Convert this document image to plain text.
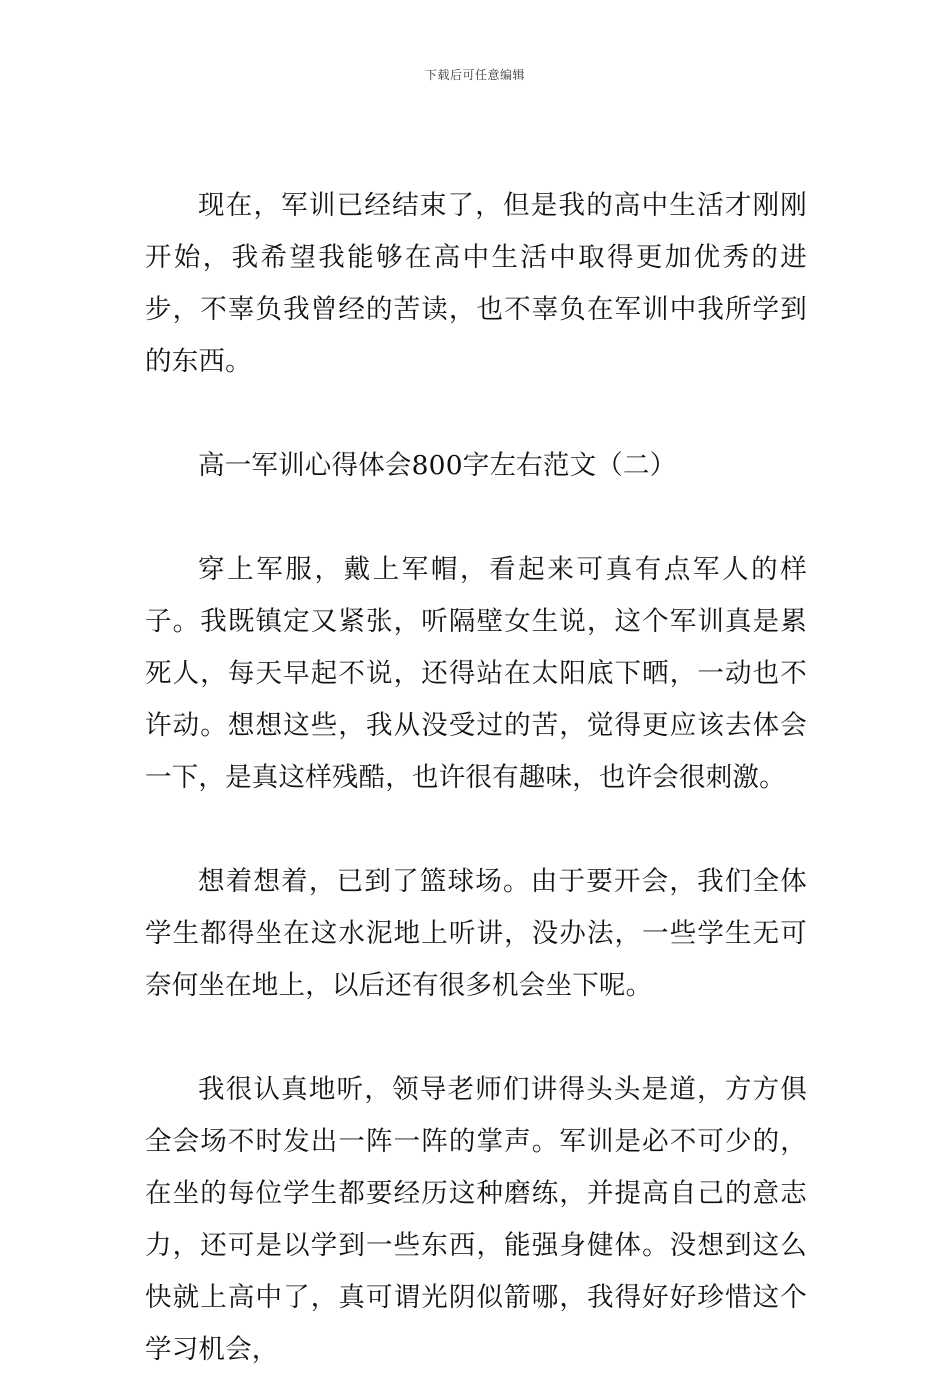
下载后可任意编辑

现在，军训已经结束了，但是我的高中生活才刚刚开始，我希望我能够在高中生活中取得更加优秀的进步，不辜负我曾经的苦读，也不辜负在军训中我所学到的东西。

高一军训心得体会800字左右范文（二）

穿上军服，戴上军帽，看起来可真有点军人的样子。我既镇定又紧张，听隔壁女生说，这个军训真是累死人，每天早起不说，还得站在太阳底下晒，一动也不许动。想想这些，我从没受过的苦，觉得更应该去体会一下，是真这样残酷，也许很有趣味，也许会很刺激。

想着想着，已到了篮球场。由于要开会，我们全体学生都得坐在这水泥地上听讲，没办法，一些学生无可奈何坐在地上，以后还有很多机会坐下呢。

我很认真地听，领导老师们讲得头头是道，方方俱全会场不时发出一阵一阵的掌声。军训是必不可少的，在坐的每位学生都要经历这种磨练，并提高自己的意志力，还可是以学到一些东西，能强身健体。没想到这么快就上高中了，真可谓光阴似箭哪，我得好好珍惜这个学习机会，
